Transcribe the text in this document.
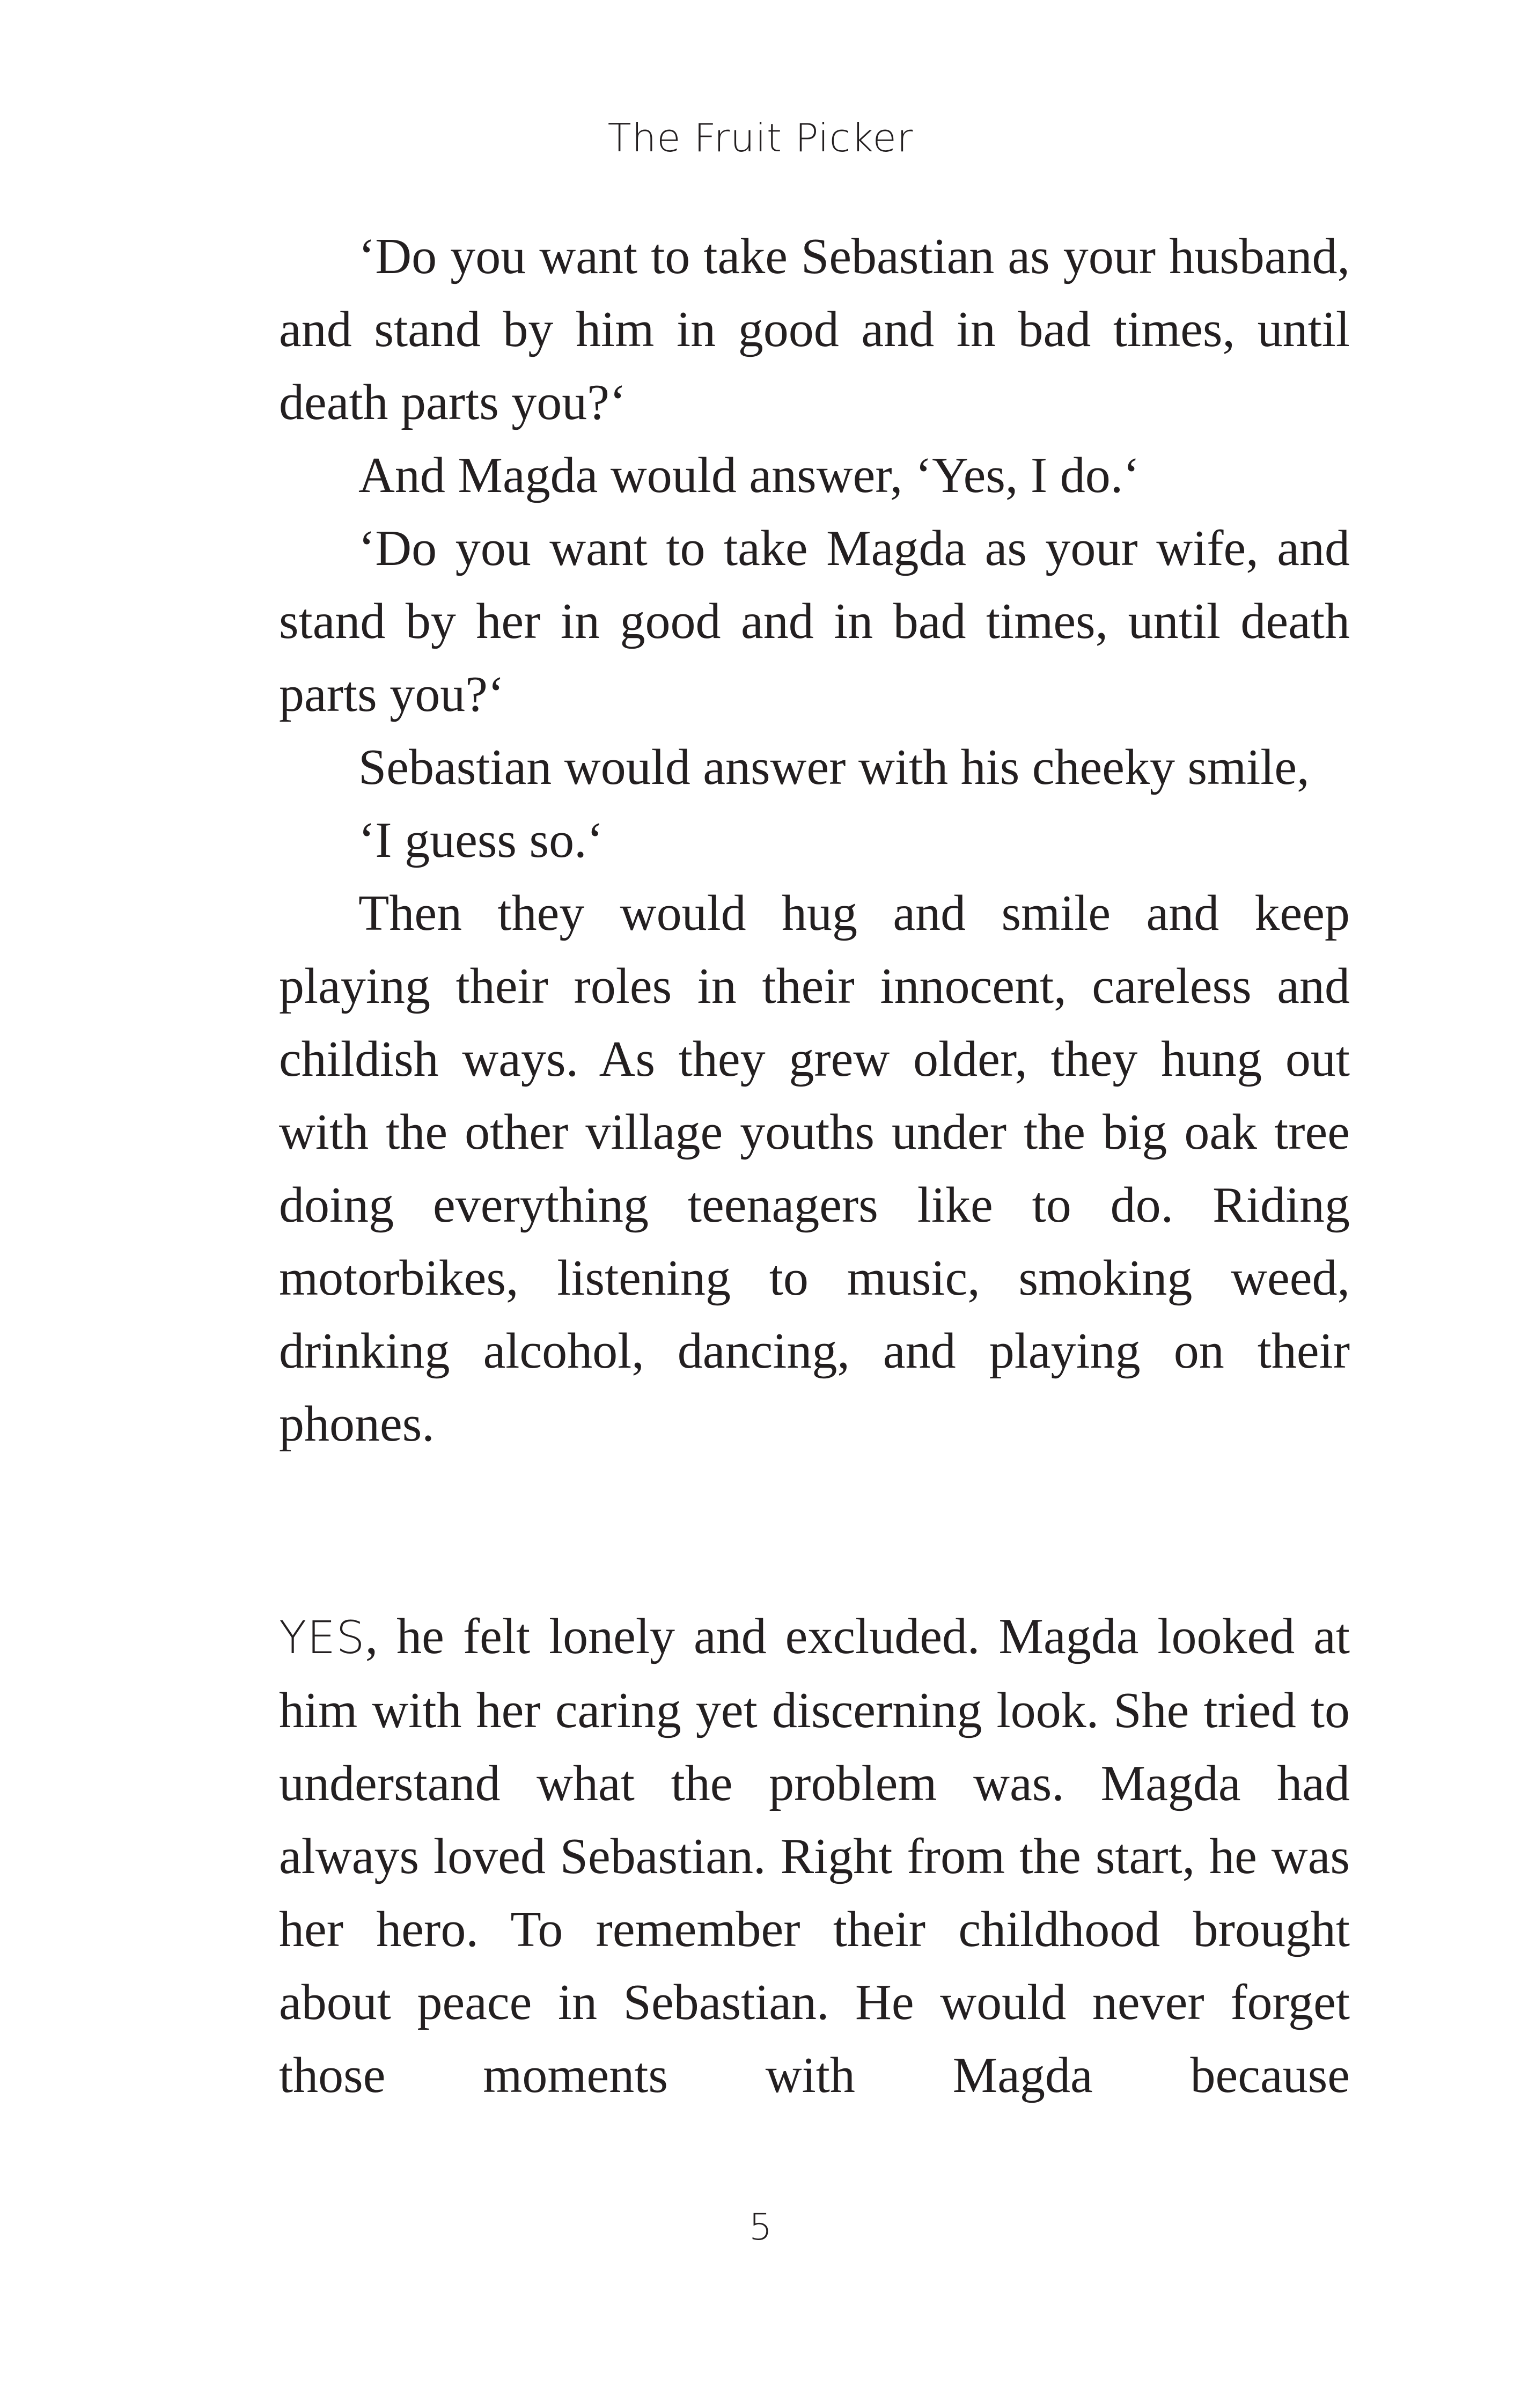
The Fruit Picker

‘Do you want to take Sebastian as your husband, and stand by him in good and in bad times, until death parts you?‘

And Magda would answer, ‘Yes, I do.‘

‘Do you want to take Magda as your wife, and stand by her in good and in bad times, until death parts you?‘

Sebastian would answer with his cheeky smile,

‘I guess so.‘

Then they would hug and smile and keep playing their roles in their innocent, careless and childish ways. As they grew older, they hung out with the other village youths under the big oak tree doing everything teenagers like to do. Riding motorbikes, listening to music, smoking weed, drinking alcohol, dancing, and playing on their phones.

YES, he felt lonely and excluded. Magda looked at him with her caring yet discerning look. She tried to understand what the problem was. Magda had always loved Sebastian. Right from the start, he was her hero. To remember their childhood brought about peace in Sebastian. He would never forget those moments with Magda because

5
